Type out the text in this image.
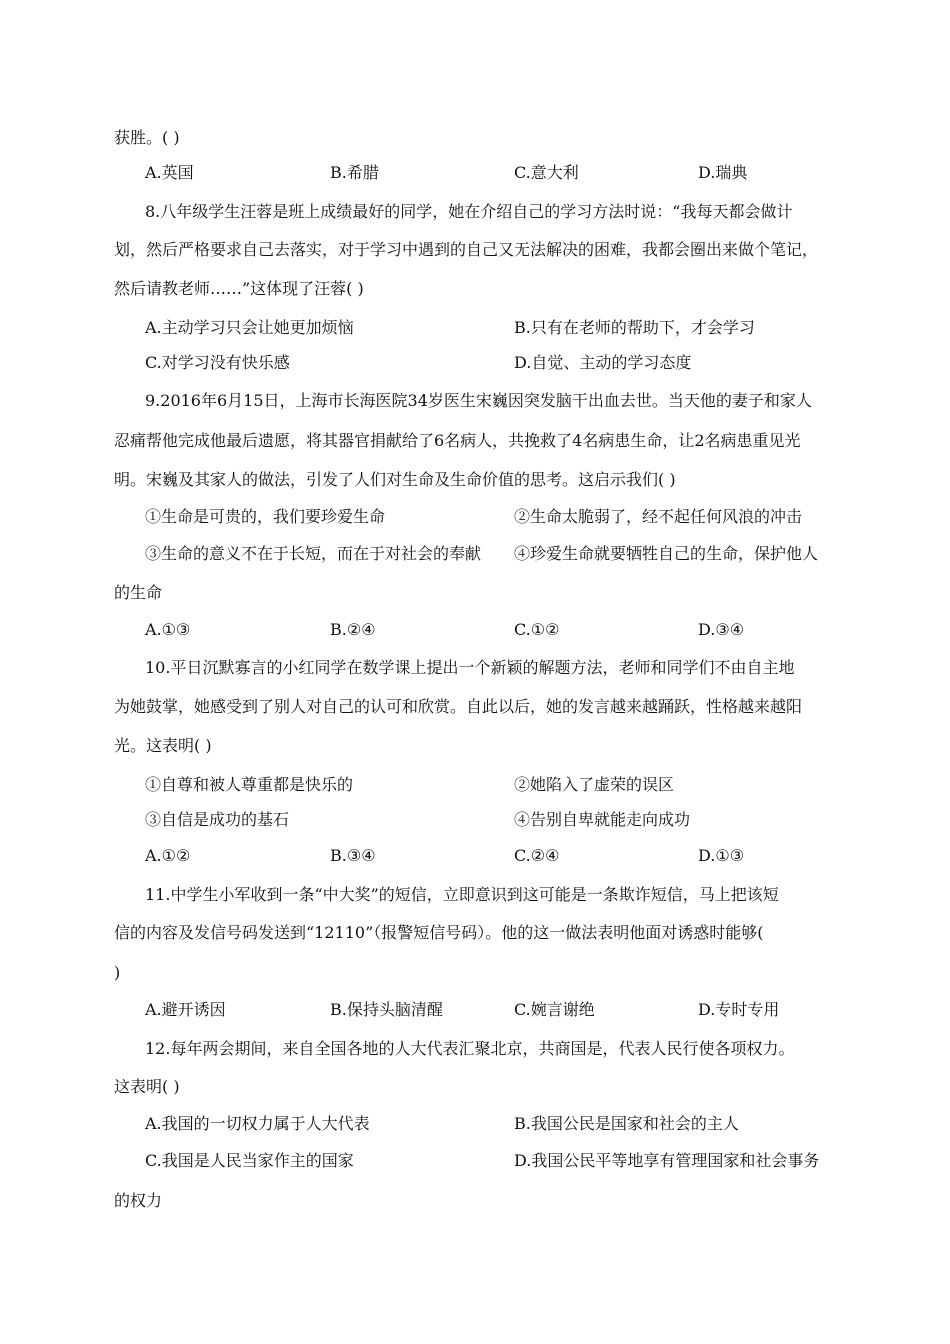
获胜。( )
A.英国	B.希腊	C.意大利	D.瑞典
8.八年级学生汪蓉是班上成绩最好的同学，她在介绍自己的学习方法时说：“我每天都会做计
划，然后严格要求自己去落实，对于学习中遇到的自己又无法解决的困难，我都会圈出来做个笔记，
然后请教老师……”这体现了汪蓉( )
A.主动学习只会让她更加烦恼	B.只有在老师的帮助下，才会学习
C.对学习没有快乐感	D.自觉、主动的学习态度
9.2016年6月15日，上海市长海医院34岁医生宋巍因突发脑干出血去世。当天他的妻子和家人
忍痛帮他完成他最后遗愿，将其器官捐献给了6名病人，共挽救了4名病患生命，让2名病患重见光
明。宋巍及其家人的做法，引发了人们对生命及生命价值的思考。这启示我们( )
①生命是可贵的，我们要珍爱生命	②生命太脆弱了，经不起任何风浪的冲击
③生命的意义不在于长短，而在于对社会的奉献 ④珍爱生命就要牺牲自己的生命，保护他人
的生命
A.①③	B.②④	C.①②	D.③④
10.平日沉默寡言的小红同学在数学课上提出一个新颖的解题方法，老师和同学们不由自主地
为她鼓掌，她感受到了别人对自己的认可和欣赏。自此以后，她的发言越来越踊跃，性格越来越阳
光。这表明( )
①自尊和被人尊重都是快乐的	②她陷入了虚荣的误区
③自信是成功的基石	④告别自卑就能走向成功
A.①②	B.③④	C.②④	D.①③
11.中学生小军收到一条“中大奖”的短信，立即意识到这可能是一条欺诈短信，马上把该短
信的内容及发信号码发送到“12110”（报警短信号码）。他的这一做法表明他面对诱惑时能够(
)
A.避开诱因	B.保持头脑清醒	C.婉言谢绝	D.专时专用
12.每年两会期间，来自全国各地的人大代表汇聚北京，共商国是，代表人民行使各项权力。
这表明( )
A.我国的一切权力属于人大代表	B.我国公民是国家和社会的主人
C.我国是人民当家作主的国家	D.我国公民平等地享有管理国家和社会事务
的权力
